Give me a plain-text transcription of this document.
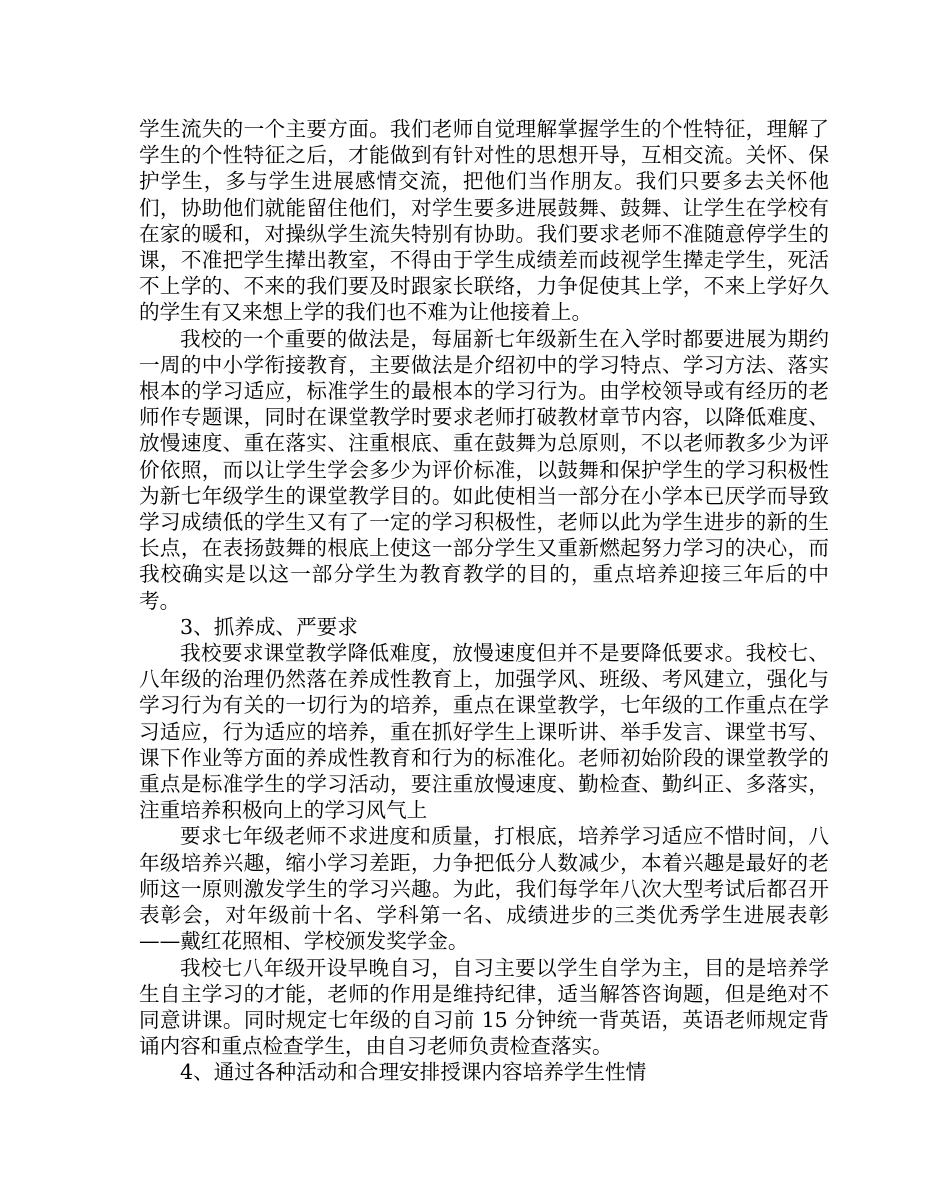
学生流失的一个主要方面。我们老师自觉理解掌握学生的个性特征，理解了学生的个性特征之后，才能做到有针对性的思想开导，互相交流。关怀、保护学生，多与学生进展感情交流，把他们当作朋友。我们只要多去关怀他们，协助他们就能留住他们，对学生要多进展鼓舞、鼓舞、让学生在学校有在家的暖和，对操纵学生流失特别有协助。我们要求老师不准随意停学生的课，不准把学生撵出教室，不得由于学生成绩差而歧视学生撵走学生，死活不上学的、不来的我们要及时跟家长联络，力争促使其上学，不来上学好久的学生有又来想上学的我们也不难为让他接着上。

我校的一个重要的做法是，每届新七年级新生在入学时都要进展为期约一周的中小学衔接教育，主要做法是介绍初中的学习特点、学习方法、落实根本的学习适应，标准学生的最根本的学习行为。由学校领导或有经历的老师作专题课，同时在课堂教学时要求老师打破教材章节内容，以降低难度、放慢速度、重在落实、注重根底、重在鼓舞为总原则，不以老师教多少为评价依照，而以让学生学会多少为评价标准，以鼓舞和保护学生的学习积极性为新七年级学生的课堂教学目的。如此使相当一部分在小学本已厌学而导致学习成绩低的学生又有了一定的学习积极性，老师以此为学生进步的新的生长点，在表扬鼓舞的根底上使这一部分学生又重新燃起努力学习的决心，而我校确实是以这一部分学生为教育教学的目的，重点培养迎接三年后的中考。

3、抓养成、严要求

我校要求课堂教学降低难度，放慢速度但并不是要降低要求。我校七、八年级的治理仍然落在养成性教育上，加强学风、班级、考风建立，强化与学习行为有关的一切行为的培养，重点在课堂教学，七年级的工作重点在学习适应，行为适应的培养，重在抓好学生上课听讲、举手发言、课堂书写、课下作业等方面的养成性教育和行为的标准化。老师初始阶段的课堂教学的重点是标准学生的学习活动，要注重放慢速度、勤检查、勤纠正、多落实，注重培养积极向上的学习风气上

要求七年级老师不求进度和质量，打根底，培养学习适应不惜时间，八年级培养兴趣，缩小学习差距，力争把低分人数减少，本着兴趣是最好的老师这一原则激发学生的学习兴趣。为此，我们每学年八次大型考试后都召开表彰会，对年级前十名、学科第一名、成绩进步的三类优秀学生进展表彰——戴红花照相、学校颁发奖学金。

我校七八年级开设早晚自习，自习主要以学生自学为主，目的是培养学生自主学习的才能，老师的作用是维持纪律，适当解答咨询题，但是绝对不同意讲课。同时规定七年级的自习前 15 分钟统一背英语，英语老师规定背诵内容和重点检查学生，由自习老师负责检查落实。

4、通过各种活动和合理安排授课内容培养学生性情
